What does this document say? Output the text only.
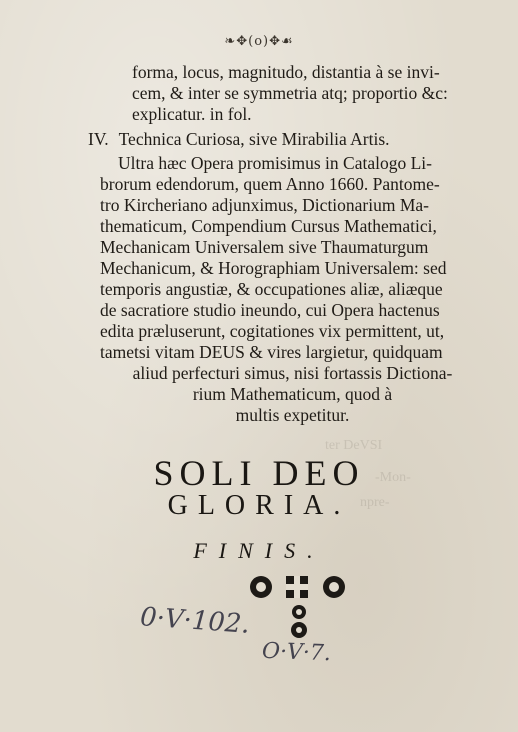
ter DeVSI
-Mon-
npre-
❧✥(o)✥☙
forma, locus, magnitudo, distantia à se invi-
cem, & inter se symmetria atq; proportio &c:
explicatur. in fol.
IV. Technica Curiosa, sive Mirabilia Artis.
Ultra hæc Opera promisimus in Catalogo Li-
brorum edendorum, quem Anno 1660. Pantome-
tro Kircheriano adjunximus, Dictionarium Ma-
thematicum, Compendium Cursus Mathematici,
Mechanicam Universalem sive Thaumaturgum
Mechanicum, & Horographiam Universalem: sed
temporis angustiæ, & occupationes aliæ, aliæque
de sacratiore studio ineundo, cui Opera hactenus
edita præluserunt, cogitationes vix permittent, ut,
tametsi vitam DEUS & vires largietur, quidquam
aliud perfecturi simus, nisi fortassis Dictiona-
rium Mathematicum, quod à
multis expetitur.
SOLI DEO
GLORIA.
FINIS.
0·V·102.
O·V·7.
